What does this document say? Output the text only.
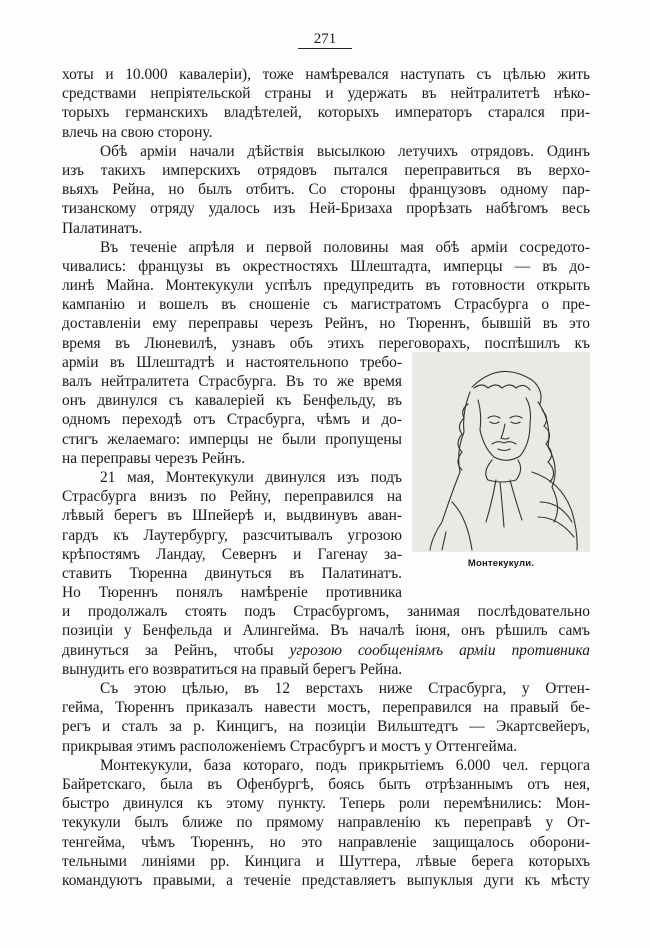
271
хоты и 10.000 кавалеріи), тоже намѣревался наступать съ цѣлью жить
средствами непріятельской страны и удержать въ нейтралитетѣ нѣко-
торыхъ германскихъ владѣтелей, которыхъ императоръ старался при-
влечь на свою сторону.
Обѣ арміи начали дѣйствія высылкою летучихъ отрядовъ. Одинъ
изъ такихъ имперскихъ отрядовъ пытался переправиться въ верхо-
вьяхъ Рейна, но былъ отбитъ. Со стороны французовъ одному пар-
тизанскому отряду удалось изъ Ней-Бризаха прорѣзать набѣгомъ весь
Палатинатъ.
Въ теченіе апрѣля и первой половины мая обѣ арміи сосредото-
чивались: французы въ окрестностяхъ Шлештадта, имперцы — въ до-
линѣ Майна. Монтекукули успѣлъ предупредить въ готовности открыть
кампанію и вошелъ въ сношеніе съ магистратомъ Страсбурга о пре-
доставленіи ему переправы черезъ Рейнъ, но Тюреннъ, бывшій въ это
время въ Люневилѣ, узнавъ объ этихъ переговорахъ, поспѣшилъ къ
арміи въ Шлештадтѣ и настоятельнопо требо-
валъ нейтралитета Страсбурга. Въ то же время
онъ двинулся съ кавалеріей къ Бенфельду, въ
одномъ переходѣ отъ Страсбурга, чѣмъ и до-
стигъ желаемаго: имперцы не были пропущены
на переправы черезъ Рейнъ.
21 мая, Монтекукули двинулся изъ подъ
Страсбурга внизъ по Рейну, переправился на
лѣвый берегъ въ Шпейерѣ и, выдвинувъ аван-
гардъ къ Лаутербургу, разсчитывалъ угрозою
крѣпостямъ Ландау, Севернъ и Гагенау за-
ставить Тюренна двинуться въ Палатинатъ.
Но Тюреннъ понялъ намѣреніе противника
и продолжалъ стоять подъ Страсбургомъ, занимая послѣдовательно
позиціи у Бенфельда и Алингейма. Въ началѣ іюня, онъ рѣшилъ самъ
двинуться за Рейнъ, чтобы угрозою сообщеніямъ арміи противника
вынудить его возвратиться на правый берегъ Рейна.
Съ этою цѣлью, въ 12 верстахъ ниже Страсбурга, у Оттен-
гейма, Тюреннъ приказалъ навести мостъ, переправился на правый бе-
регъ и сталъ за р. Кинцигъ, на позиціи Вильштедтъ — Экартсвейеръ,
прикрывая этимъ расположеніемъ Страсбургъ и мостъ у Оттенгейма.
Монтекукули, база котораго, подъ прикрытіемъ 6.000 чел. герцога
Байретскаго, была въ Офенбургѣ, боясь быть отрѣзаннымъ отъ нея,
быстро двинулся къ этому пункту. Теперь роли перемѣнились: Мон-
текукули былъ ближе по прямому направленію къ переправѣ у От-
тенгейма, чѣмъ Тюреннъ, но это направленіе защищалось оборони-
тельными линіями рр. Кинцига и Шуттера, лѣвые берега которыхъ
командуютъ правыми, а теченіе представляетъ выпуклыя дуги къ мѣсту
Монтекукули.
